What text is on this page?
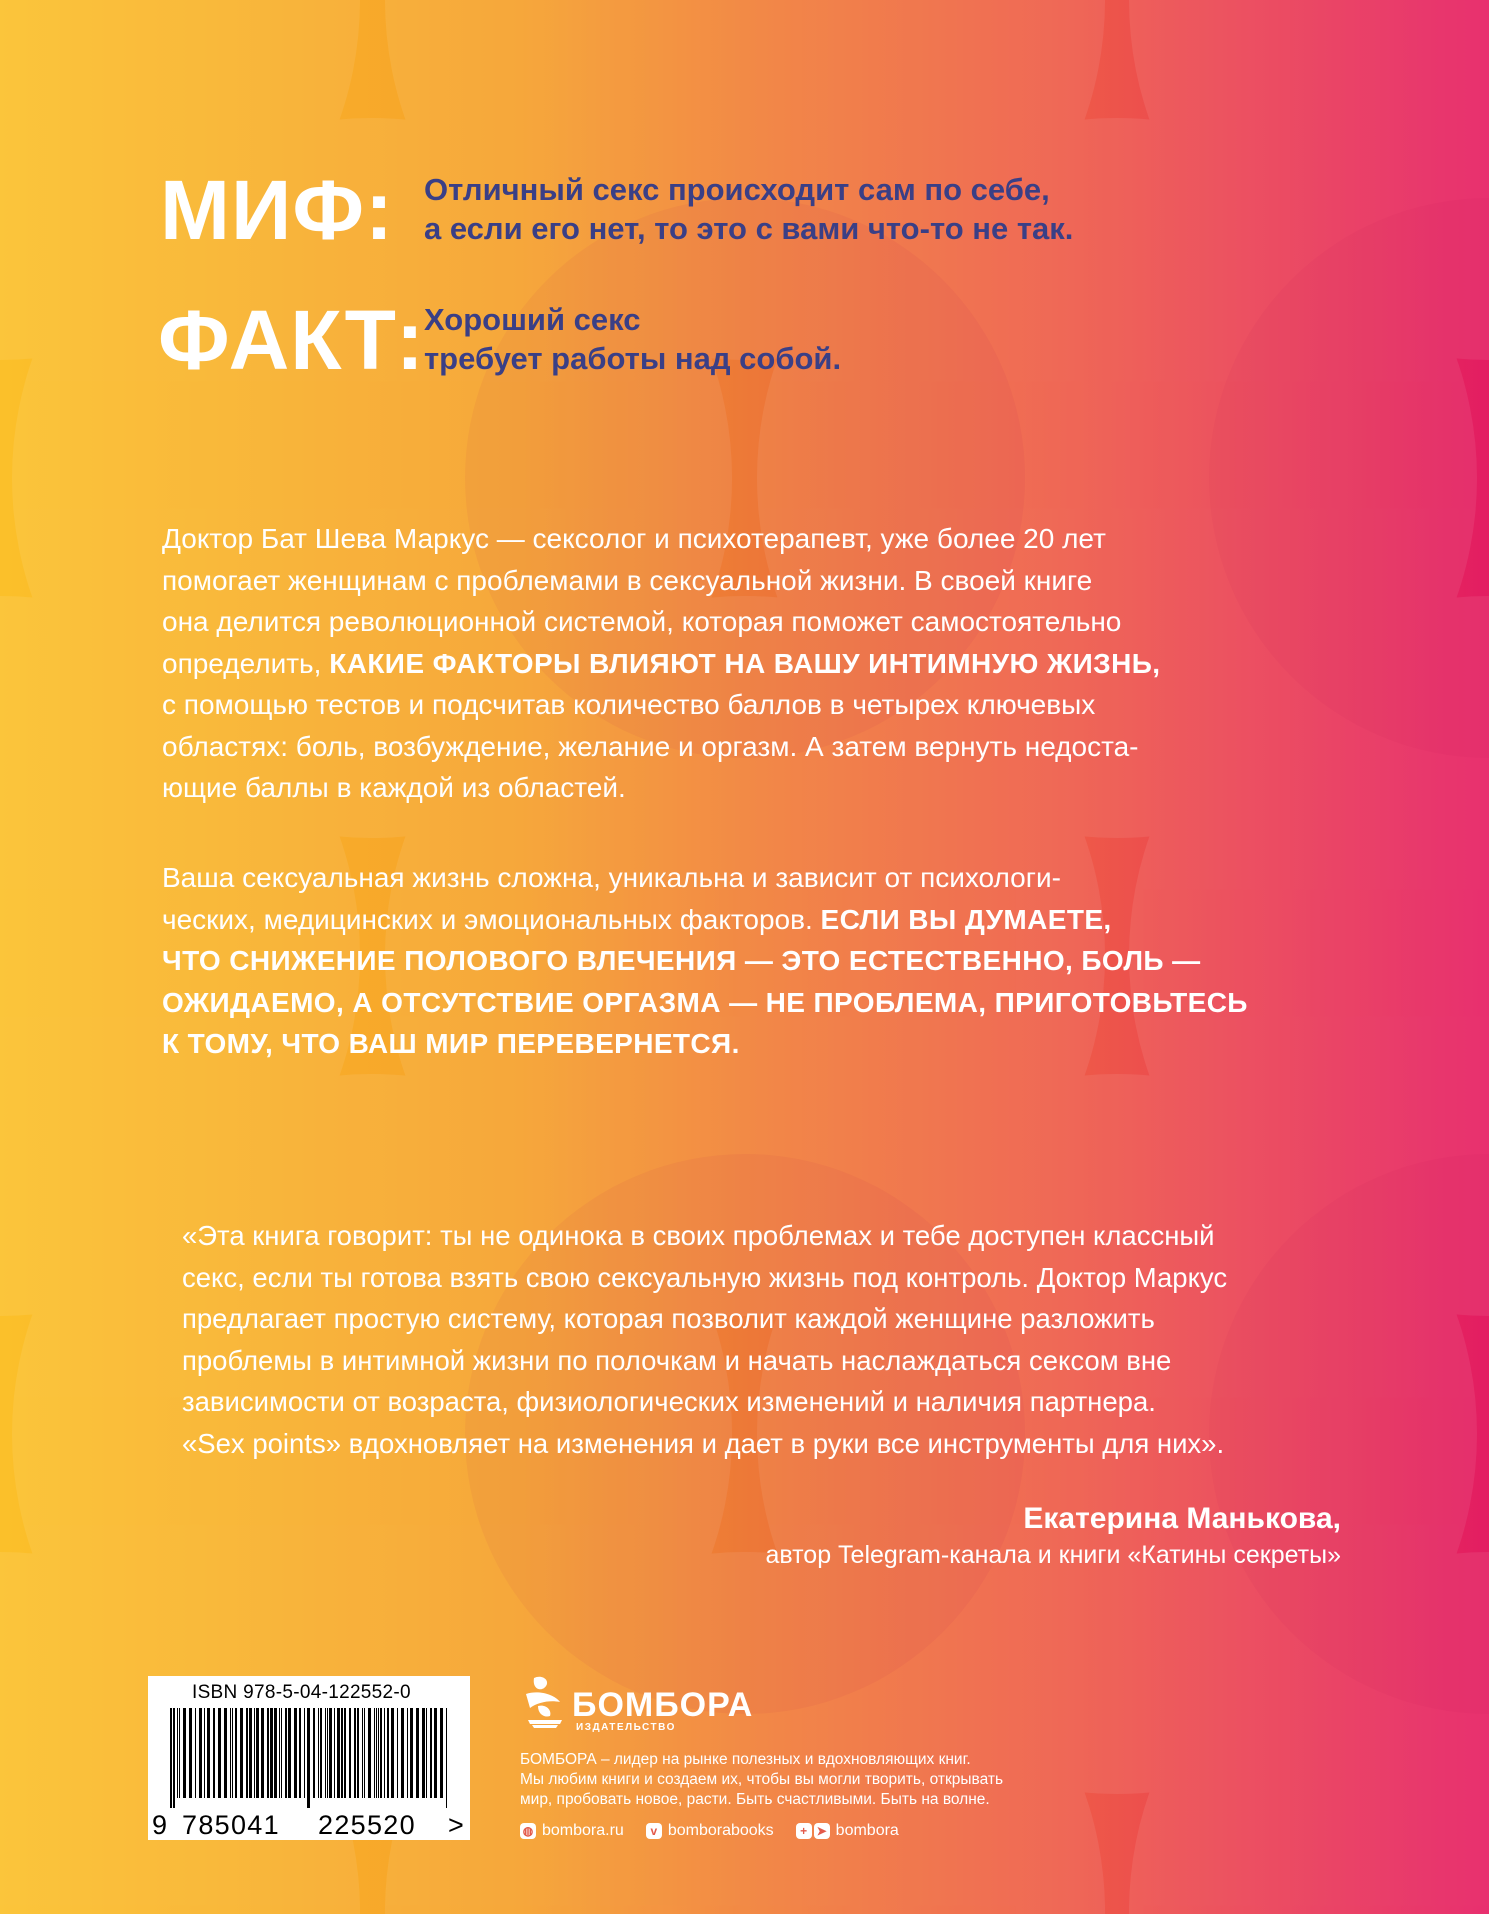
МИФ: Отличный секс происходит сам по себе,
а если его нет, то это с вами что-то не так.
ФАКТ: Хороший секс
требует работы над собой.
Доктор Бат Шева Маркус — сексолог и психотерапевт, уже более 20 лет
помогает женщинам с проблемами в сексуальной жизни. В своей книге
она делится революционной системой, которая поможет самостоятельно
определить, КАКИЕ ФАКТОРЫ ВЛИЯЮТ НА ВАШУ ИНТИМНУЮ ЖИЗНЬ,
с помощью тестов и подсчитав количество баллов в четырех ключевых
областях: боль, возбуждение, желание и оргазм. А затем вернуть недоста-
ющие баллы в каждой из областей.
Ваша сексуальная жизнь сложна, уникальна и зависит от психологи-
ческих, медицинских и эмоциональных факторов. ЕСЛИ ВЫ ДУМАЕТЕ,
ЧТО СНИЖЕНИЕ ПОЛОВОГО ВЛЕЧЕНИЯ — ЭТО ЕСТЕСТВЕННО, БОЛЬ —
ОЖИДАЕМО, А ОТСУТСТВИЕ ОРГАЗМА — НЕ ПРОБЛЕМА, ПРИГОТОВЬТЕСЬ
К ТОМУ, ЧТО ВАШ МИР ПЕРЕВЕРНЕТСЯ.
«Эта книга говорит: ты не одинока в своих проблемах и тебе доступен классный
секс, если ты готова взять свою сексуальную жизнь под контроль. Доктор Маркус
предлагает простую систему, которая позволит каждой женщине разложить
проблемы в интимной жизни по полочкам и начать наслаждаться сексом вне
зависимости от возраста, физиологических изменений и наличия партнера.
«Sex points» вдохновляет на изменения и дает в руки все инструменты для них».
Екатерина Манькова,
автор Telegram-канала и книги «Катины секреты»
ISBN 978-5-04-122552-0
9 785041 225520 >
БОМБОРА
ИЗДАТЕЛЬСТВО
БОМБОРА – лидер на рынке полезных и вдохновляющих книг.
Мы любим книги и создаем их, чтобы вы могли творить, открывать
мир, пробовать новое, расти. Быть счастливыми. Быть на волне.
◍ bombora.ru	v bomborabooks	+ ➤ bombora
